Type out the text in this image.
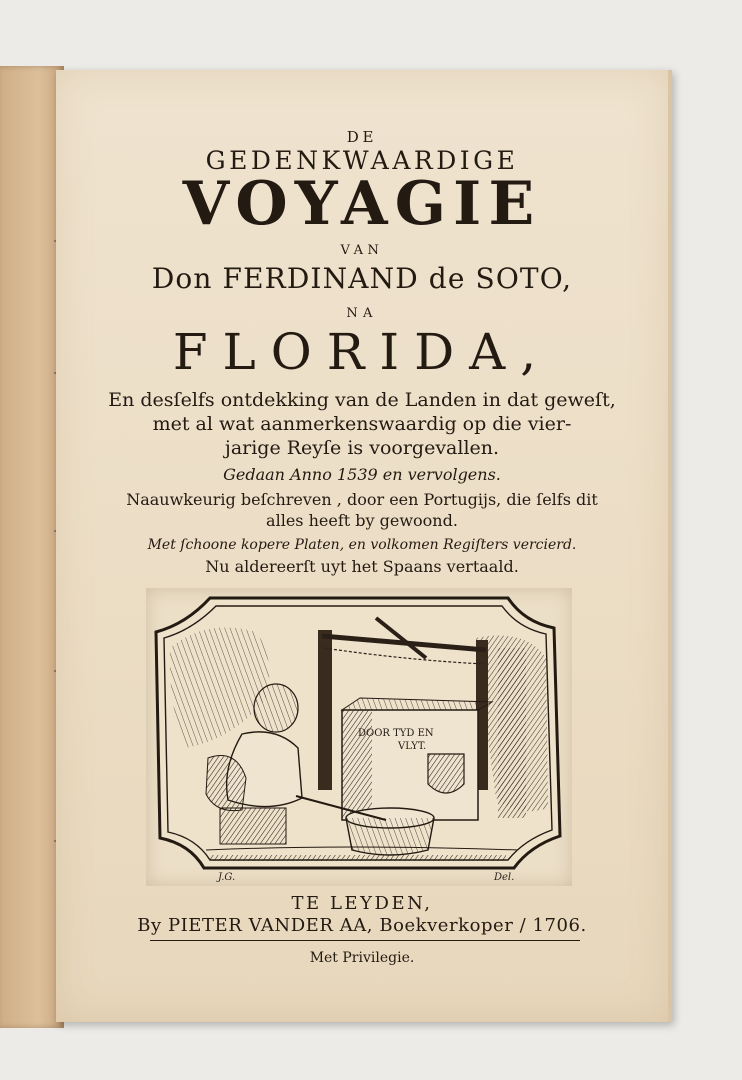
DE
GEDENKWAARDIGE
VOYAGIE
VAN
Don FERDINAND de SOTO,
NA
FLORIDA,
En desſelfs ontdekking van de Landen in dat geweſt,
met al wat aanmerkenswaardig op die vier-
jarige Reyſe is voorgevallen.
Gedaan Anno 1539 en vervolgens.
Naauwkeurig beſchreven , door een Portugijs, die ſelfs dit
alles heeft by gewoond.
Met ſchoone kopere Platen, en volkomen Regiſters vercierd.
Nu aldereerſt uyt het Spaans vertaald.
DOOR TYD EN
VLYT.
J.G.	Del.
TE LEYDEN,
By PIETER VANDER AA, Boekverkoper / 1706.
Met Privilegie.
